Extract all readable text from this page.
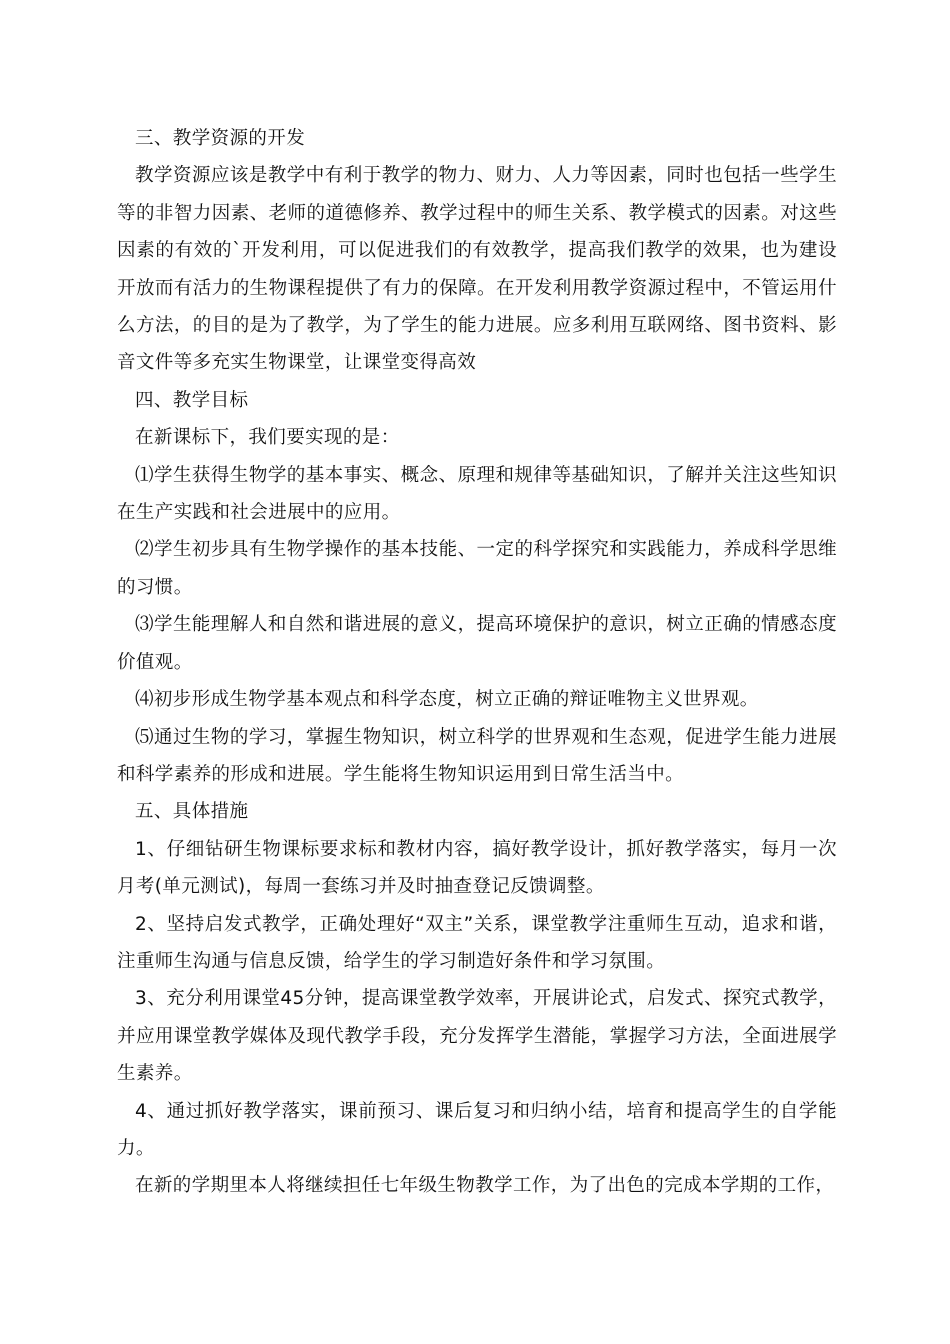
三、教学资源的开发

教学资源应该是教学中有利于教学的物力、财力、人力等因素，同时也包括一些学生等的非智力因素、老师的道德修养、教学过程中的师生关系、教学模式的因素。对这些因素的有效的`开发利用，可以促进我们的有效教学，提高我们教学的效果，也为建设开放而有活力的生物课程提供了有力的保障。在开发利用教学资源过程中，不管运用什么方法，的目的是为了教学，为了学生的能力进展。应多利用互联网络、图书资料、影音文件等多充实生物课堂，让课堂变得高效

四、教学目标

在新课标下，我们要实现的是：

⑴学生获得生物学的基本事实、概念、原理和规律等基础知识，了解并关注这些知识在生产实践和社会进展中的应用。

⑵学生初步具有生物学操作的基本技能、一定的科学探究和实践能力，养成科学思维的习惯。

⑶学生能理解人和自然和谐进展的意义，提高环境保护的意识，树立正确的情感态度价值观。

⑷初步形成生物学基本观点和科学态度，树立正确的辩证唯物主义世界观。

⑸通过生物的学习，掌握生物知识，树立科学的世界观和生态观，促进学生能力进展和科学素养的形成和进展。学生能将生物知识运用到日常生活当中。

五、具体措施

1、仔细钻研生物课标要求标和教材内容，搞好教学设计，抓好教学落实，每月一次月考(单元测试)，每周一套练习并及时抽查登记反馈调整。

2、坚持启发式教学，正确处理好“双主”关系，课堂教学注重师生互动，追求和谐，注重师生沟通与信息反馈，给学生的学习制造好条件和学习氛围。

3、充分利用课堂45分钟，提高课堂教学效率，开展讲论式，启发式、探究式教学，并应用课堂教学媒体及现代教学手段，充分发挥学生潜能，掌握学习方法，全面进展学生素养。

4、通过抓好教学落实，课前预习、课后复习和归纳小结，培育和提高学生的自学能力。

在新的学期里本人将继续担任七年级生物教学工作，为了出色的完成本学期的工作，
